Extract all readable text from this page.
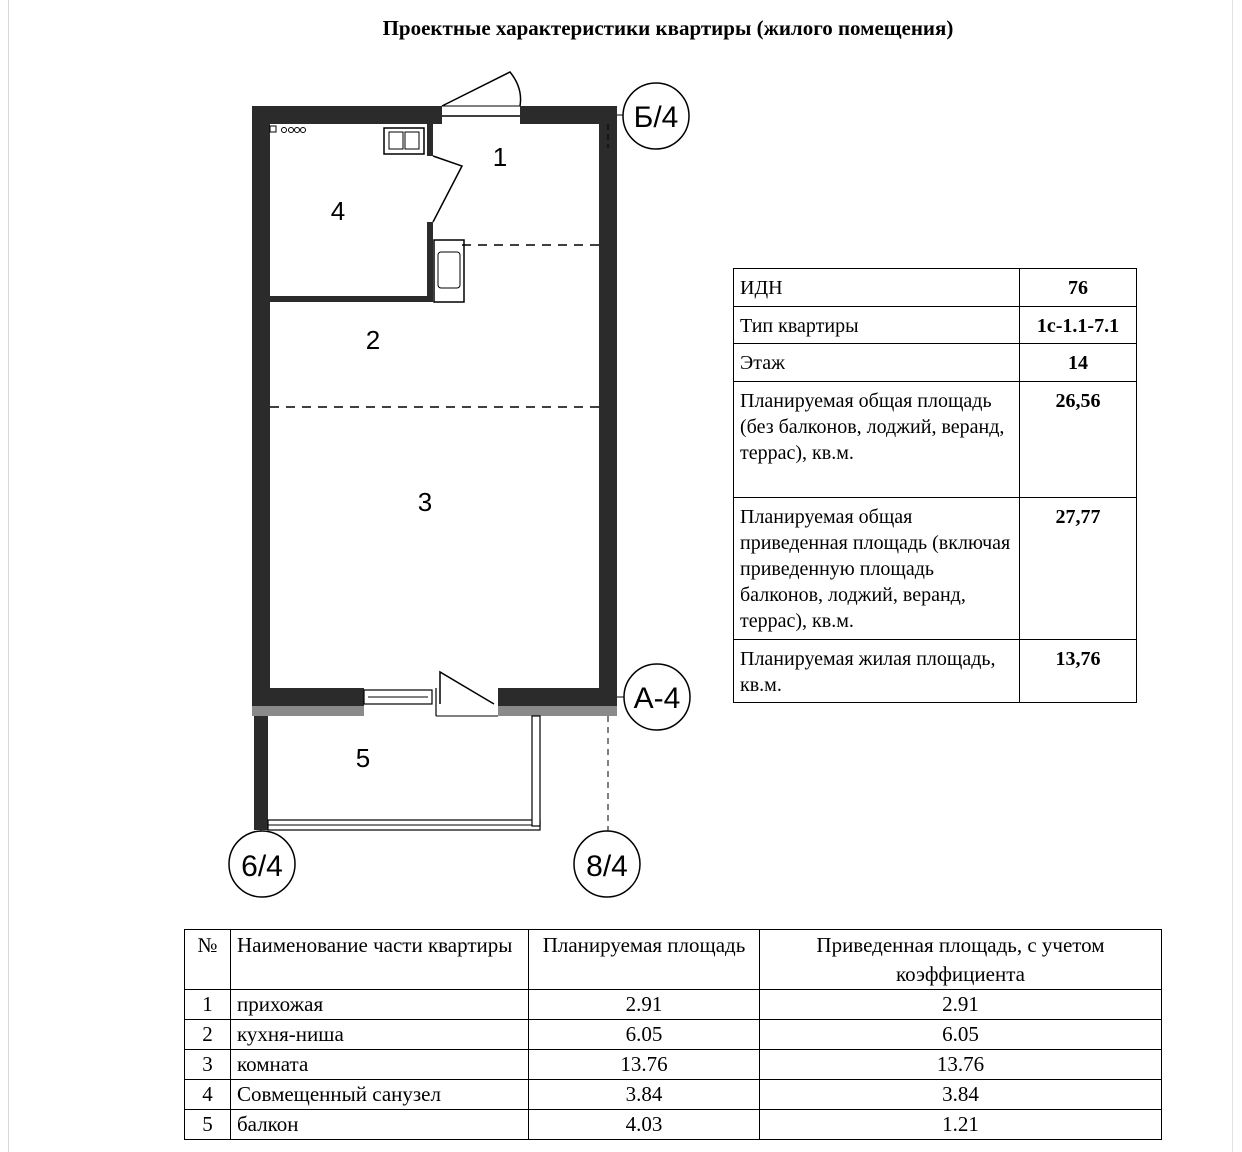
Проектные характеристики квартиры (жилого помещения)
Б/4
А-4
6/4	8/4
1
2
3
4
5
ИДН	76
Тип квартиры	1с-1.1-7.1
Этаж	14
Планируемая общая площадь (без балконов, лоджий, веранд, террас), кв.м.	26,56
Планируемая общая приведенная площадь (включая приведенную площадь балконов, лоджий, веранд, террас), кв.м.	27,77
Планируемая жилая площадь, кв.м.	13,76
№	Наименование части квартиры	Планируемая площадь	Приведенная площадь, с учетом коэффициента
1	прихожая	2.91	2.91
2	кухня-ниша	6.05	6.05
3	комната	13.76	13.76
4	Совмещенный санузел	3.84	3.84
5	балкон	4.03	1.21
